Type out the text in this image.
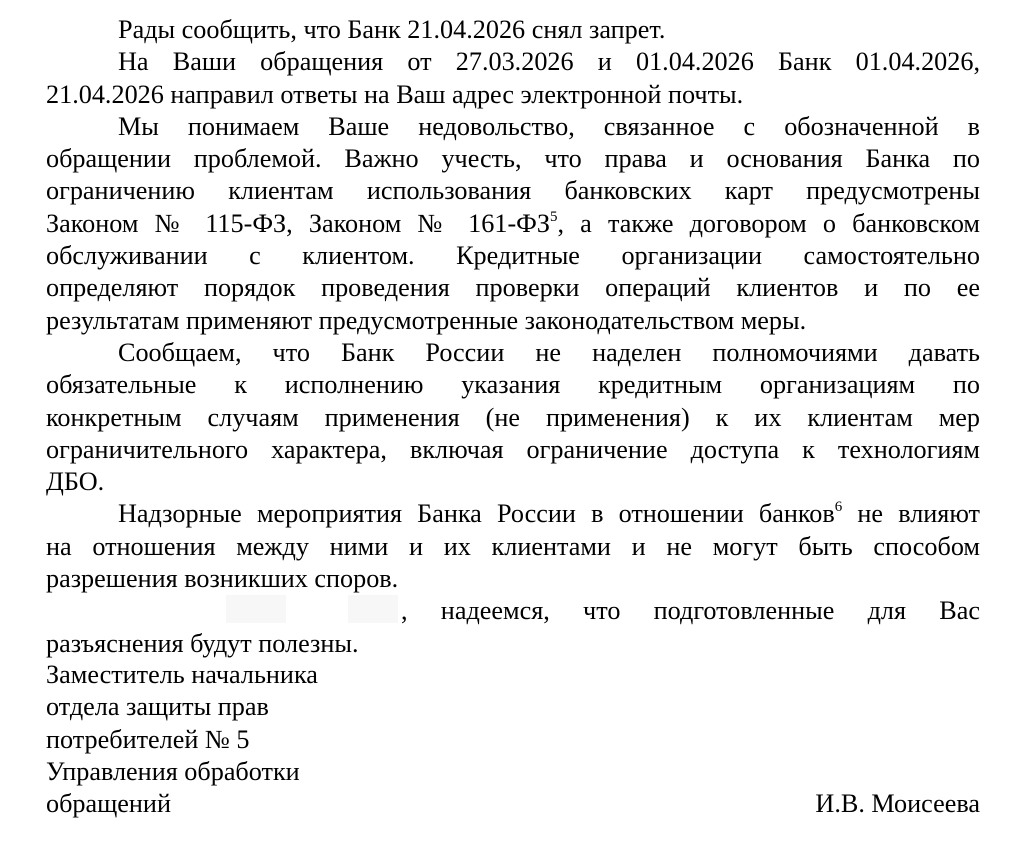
Рады сообщить, что Банк 21.04.2026 снял запрет.
На Ваши обращения от 27.03.2026 и 01.04.2026 Банк 01.04.2026,
21.04.2026 направил ответы на Ваш адрес электронной почты.
Мы понимаем Ваше недовольство, связанное с обозначенной в
обращении проблемой. Важно учесть, что права и основания Банка по
ограничению клиентам использования банковских карт предусмотрены
Законом № 115-ФЗ, Законом № $161-ФЗ^5$, а также договором о банковском
обслуживании с клиентом. Кредитные организации самостоятельно
определяют порядок проведения проверки операций клиентов и по ее
результатам применяют предусмотренные законодательством меры.
Сообщаем, что Банк России не наделен полномочиями давать
обязательные к исполнению указания кредитным организациям по
конкретным случаям применения (не применения) к их клиентам мер
ограничительного характера, включая ограничение доступа к технологиям
ДБО.
Надзорные мероприятия Банка России в отношении банков$^6$ не влияют
на отношения между ними и их клиентами и не могут быть способом
разрешения возникших споров.
, надеемся, что подготовленные для Вас
разъяснения будут полезны.
Заместитель начальника
отдела защиты прав
потребителей № 5
Управления обработки
обращений	И.В. Моисеева
